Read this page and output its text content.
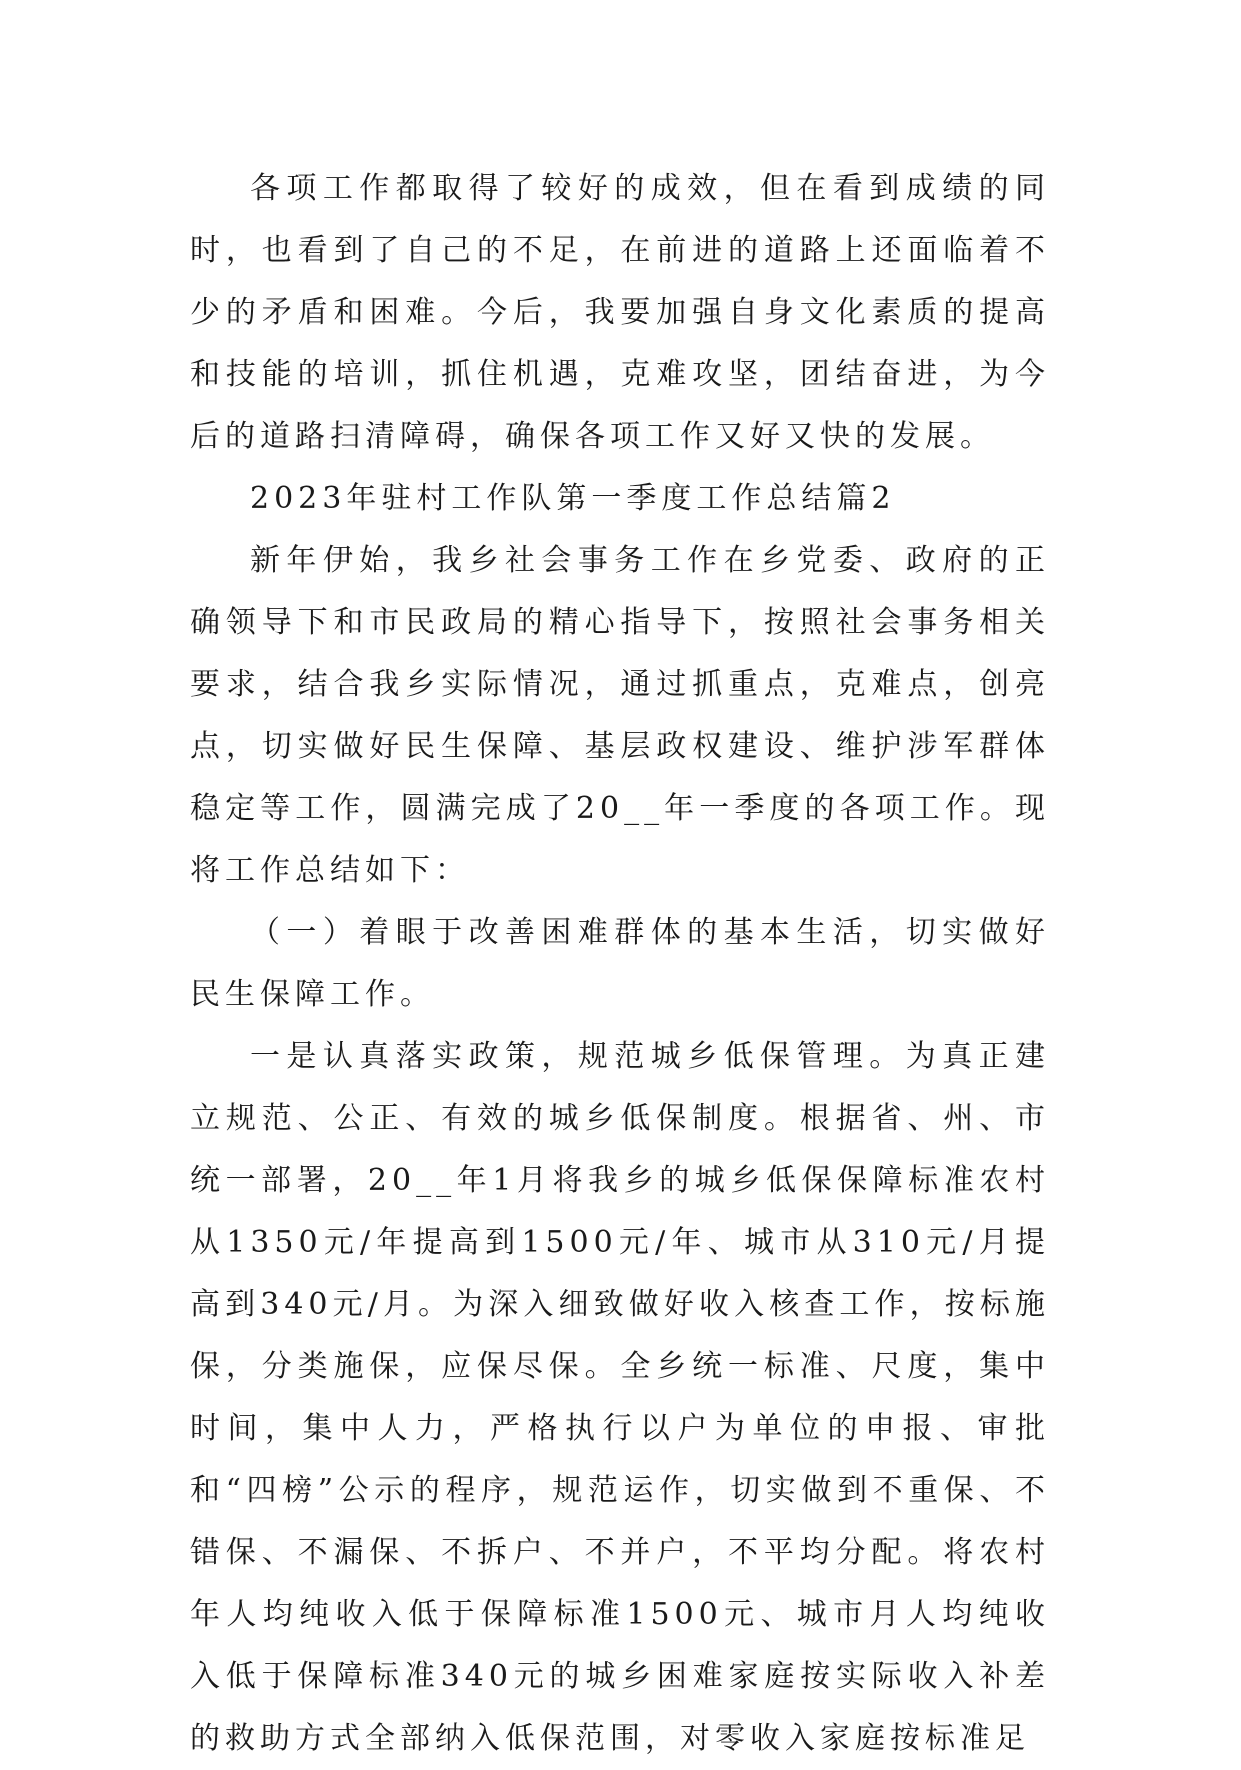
各项工作都取得了较好的成效，但在看到成绩的同时，也看到了自己的不足，在前进的道路上还面临着不少的矛盾和困难。今后，我要加强自身文化素质的提高和技能的培训，抓住机遇，克难攻坚，团结奋进，为今后的道路扫清障碍，确保各项工作又好又快的发展。

2023年驻村工作队第一季度工作总结篇2

新年伊始，我乡社会事务工作在乡党委、政府的正确领导下和市民政局的精心指导下，按照社会事务相关要求，结合我乡实际情况，通过抓重点，克难点，创亮点，切实做好民生保障、基层政权建设、维护涉军群体稳定等工作，圆满完成了20__年一季度的各项工作。现将工作总结如下：

（一）着眼于改善困难群体的基本生活，切实做好民生保障工作。

一是认真落实政策，规范城乡低保管理。为真正建立规范、公正、有效的城乡低保制度。根据省、州、市统一部署，20__年1月将我乡的城乡低保保障标准农村从1350元/年提高到1500元/年、城市从310元/月提高到340元/月。为深入细致做好收入核查工作，按标施保，分类施保，应保尽保。全乡统一标准、尺度，集中时间，集中人力，严格执行以户为单位的申报、审批和“四榜”公示的程序，规范运作，切实做到不重保、不错保、不漏保、不拆户、不并户，不平均分配。将农村年人均纯收入低于保障标准1500元、城市月人均纯收入低于保障标准340元的城乡困难家庭按实际收入补差的救助方式全部纳入低保范围，对零收入家庭按标准足
